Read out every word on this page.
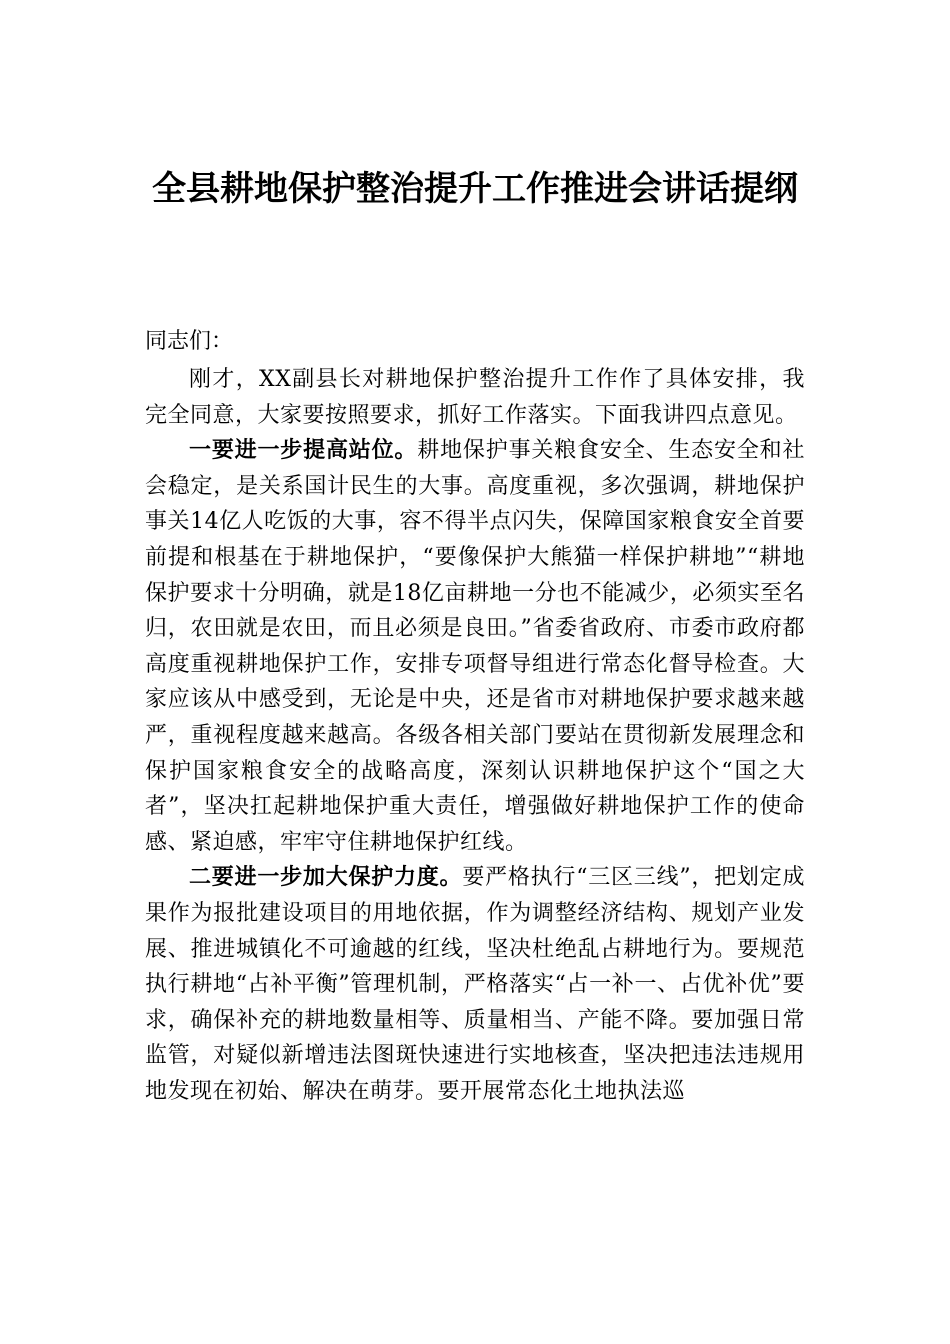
全县耕地保护整治提升工作推进会讲话提纲

同志们：

刚才，XX副县长对耕地保护整治提升工作作了具体安排，我完全同意，大家要按照要求，抓好工作落实。下面我讲四点意见。

一要进一步提高站位。耕地保护事关粮食安全、生态安全和社会稳定，是关系国计民生的大事。高度重视，多次强调，耕地保护事关14亿人吃饭的大事，容不得半点闪失，保障国家粮食安全首要前提和根基在于耕地保护，“要像保护大熊猫一样保护耕地”“耕地保护要求十分明确，就是18亿亩耕地一分也不能减少，必须实至名归，农田就是农田，而且必须是良田。”省委省政府、市委市政府都高度重视耕地保护工作，安排专项督导组进行常态化督导检查。大家应该从中感受到，无论是中央，还是省市对耕地保护要求越来越严，重视程度越来越高。各级各相关部门要站在贯彻新发展理念和保护国家粮食安全的战略高度，深刻认识耕地保护这个“国之大者”，坚决扛起耕地保护重大责任，增强做好耕地保护工作的使命感、紧迫感，牢牢守住耕地保护红线。

二要进一步加大保护力度。要严格执行“三区三线”，把划定成果作为报批建设项目的用地依据，作为调整经济结构、规划产业发展、推进城镇化不可逾越的红线，坚决杜绝乱占耕地行为。要规范执行耕地“占补平衡”管理机制，严格落实“占一补一、占优补优”要求，确保补充的耕地数量相等、质量相当、产能不降。要加强日常监管，对疑似新增违法图斑快速进行实地核查，坚决把违法违规用地发现在初始、解决在萌芽。要开展常态化土地执法巡
